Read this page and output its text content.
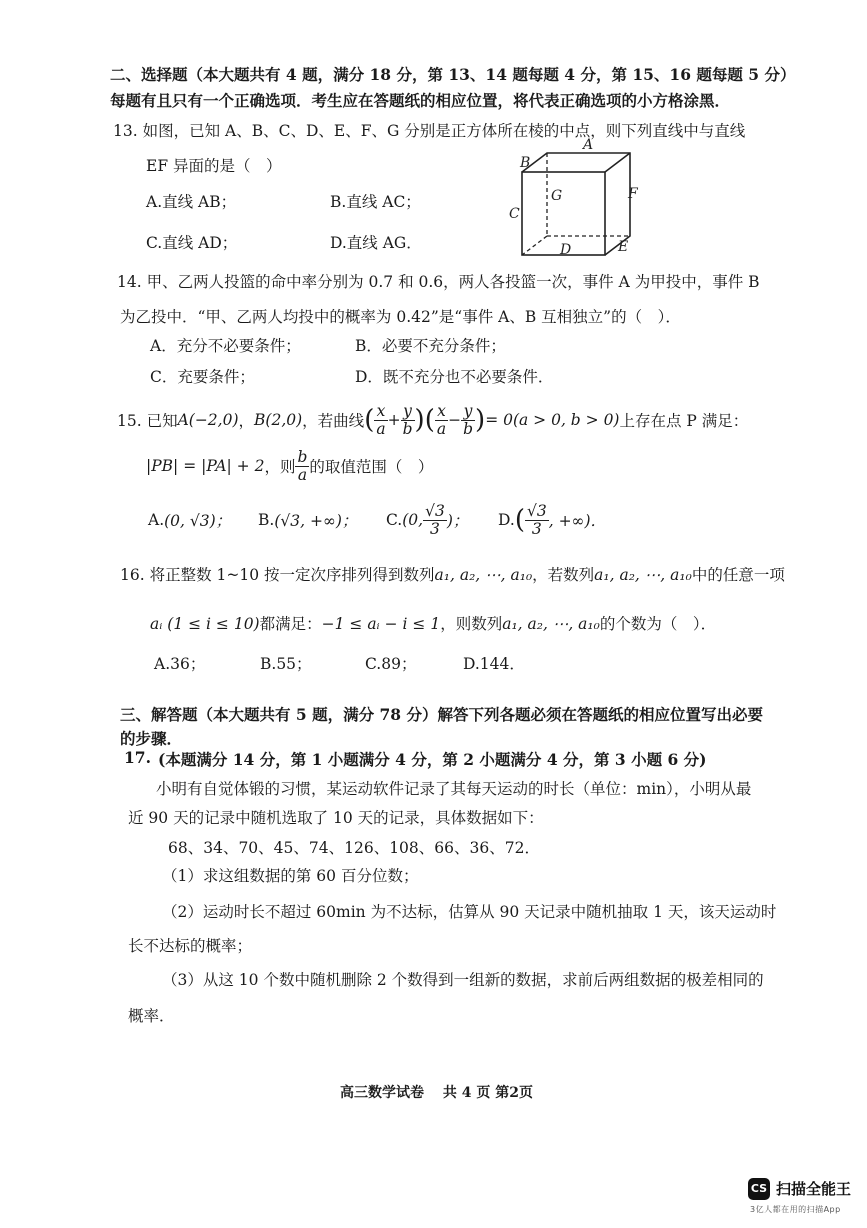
二、选择题（本大题共有 4 题，满分 18 分，第 13、14 题每题 4 分，第 15、16 题每题 5 分）
每题有且只有一个正确选项．考生应在答题纸的相应位置，将代表正确选项的小方格涂黑．
13. 如图，已知 A、B、C、D、E、F、G 分别是正方体所在棱的中点，则下列直线中与直线
EF 异面的是（　）
A.直线 AB；	B.直线 AC；
C.直线 AD；	D.直线 AG．
A
B
C
D	E
F
G
14. 甲、乙两人投篮的命中率分别为 0.7 和 0.6，两人各投篮一次，事件 A 为甲投中，事件 B
为乙投中．“甲、乙两人均投中的概率为 0.42”是“事件 A、B 互相独立”的（　）．
A．充分不必要条件；	B．必要不充分条件；
C．充要条件；	D．既不充分也不必要条件．
15. 已知 A(−2,0) ， B(2,0) ，若曲线 ( $\frac{x}{a} + \frac{y}{b}$ ) ( $\frac{x}{a} - \frac{y}{b}$ ) = 0(a > 0, b > 0) 上存在点 P 满足：
|PB| = |PA| + 2 ，则 $\frac{b}{a}$ 的取值范围（　）
A. (0, √3)； B. (√3, +∞)； C. (0, $\frac{√3}{3}$ )； D. ( $\frac{√3}{3}$ , +∞)．
16. 将正整数 1~10 按一定次序排列得到数列a₁, a₂, ⋯, a₁₀，若数列a₁, a₂, ⋯, a₁₀中的任意一项
aᵢ (1 ≤ i ≤ 10)都满足：−1 ≤ aᵢ − i ≤ 1，则数列a₁, a₂, ⋯, a₁₀的个数为（　）．
A.36；	B.55；	C.89；	D.144．
三、解答题（本大题共有 5 题，满分 78 分）解答下列各题必须在答题纸的相应位置写出必要
的步骤．
17. (本题满分 14 分，第 1 小题满分 4 分，第 2 小题满分 4 分，第 3 小题 6 分)
小明有自觉体锻的习惯，某运动软件记录了其每天运动的时长（单位：min），小明从最
近 90 天的记录中随机选取了 10 天的记录，具体数据如下：
68、34、70、45、74、126、108、66、36、72．
（1）求这组数据的第 60 百分位数；
（2）运动时长不超过 60min 为不达标，估算从 90 天记录中随机抽取 1 天，该天运动时
长不达标的概率；
（3）从这 10 个数中随机删除 2 个数得到一组新的数据，求前后两组数据的极差相同的
概率．
高三数学试卷　 共 4 页 第2页
CS 扫描全能王
3亿人都在用的扫描App
